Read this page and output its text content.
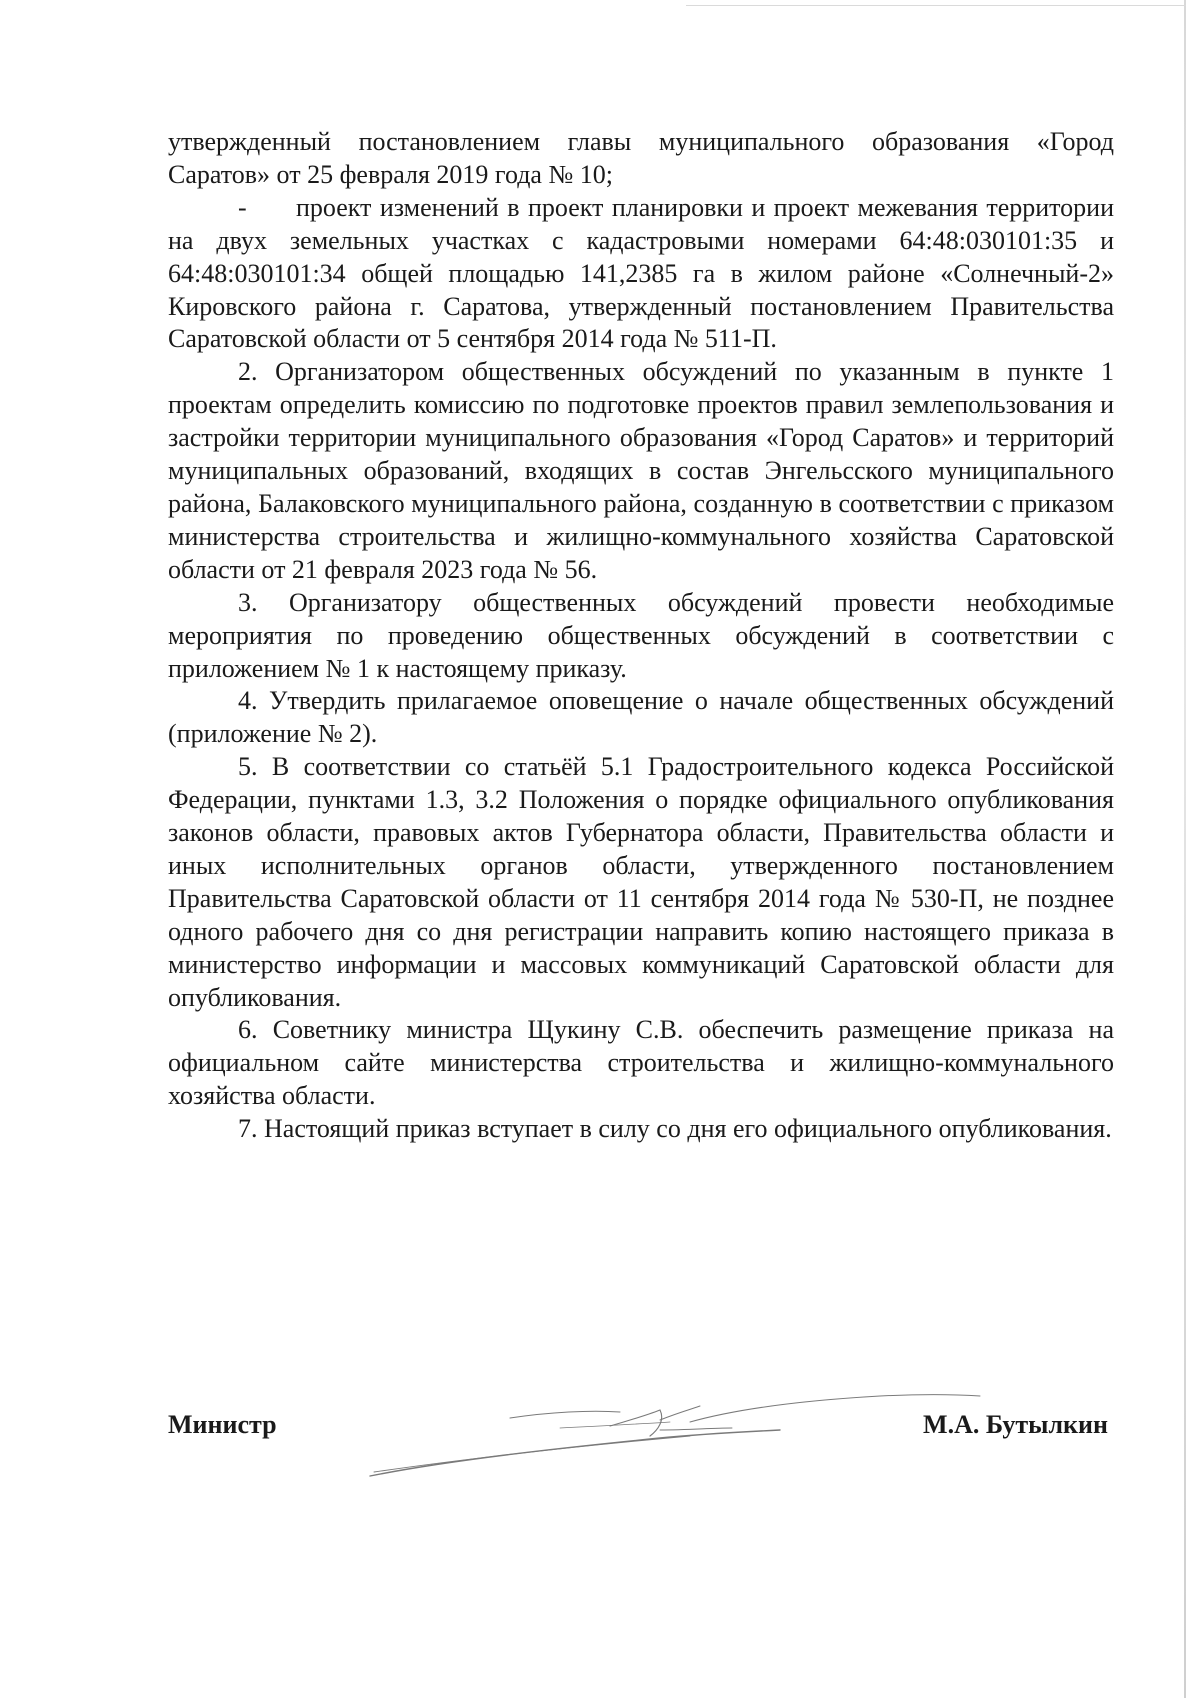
утвержденный постановлением главы муниципального образования «Город Саратов» от 25 февраля 2019 года № 10;

- проект изменений в проект планировки и проект межевания территории на двух земельных участках с кадастровыми номерами 64:48:030101:35 и 64:48:030101:34 общей площадью 141,2385 га в жилом районе «Солнечный-2» Кировского района г. Саратова, утвержденный постановлением Правительства Саратовской области от 5 сентября 2014 года № 511-П.

2. Организатором общественных обсуждений по указанным в пункте 1 проектам определить комиссию по подготовке проектов правил землепользования и застройки территории муниципального образования «Город Саратов» и территорий муниципальных образований, входящих в состав Энгельсского муниципального района, Балаковского муниципального района, созданную в соответствии с приказом министерства строительства и жилищно-коммунального хозяйства Саратовской области от 21 февраля 2023 года № 56.

3. Организатору общественных обсуждений провести необходимые мероприятия по проведению общественных обсуждений в соответствии с приложением № 1 к настоящему приказу.

4. Утвердить прилагаемое оповещение о начале общественных обсуждений (приложение № 2).

5. В соответствии со статьёй 5.1 Градостроительного кодекса Российской Федерации, пунктами 1.3, 3.2 Положения о порядке официального опубликования законов области, правовых актов Губернатора области, Правительства области и иных исполнительных органов области, утвержденного постановлением Правительства Саратовской области от 11 сентября 2014 года № 530-П, не позднее одного рабочего дня со дня регистрации направить копию настоящего приказа в министерство информации и массовых коммуникаций Саратовской области для опубликования.

6. Советнику министра Щукину С.В. обеспечить размещение приказа на официальном сайте министерства строительства и жилищно-коммунального хозяйства области.

7. Настоящий приказ вступает в силу со дня его официального опубликования.

Министр	М.А. Бутылкин
